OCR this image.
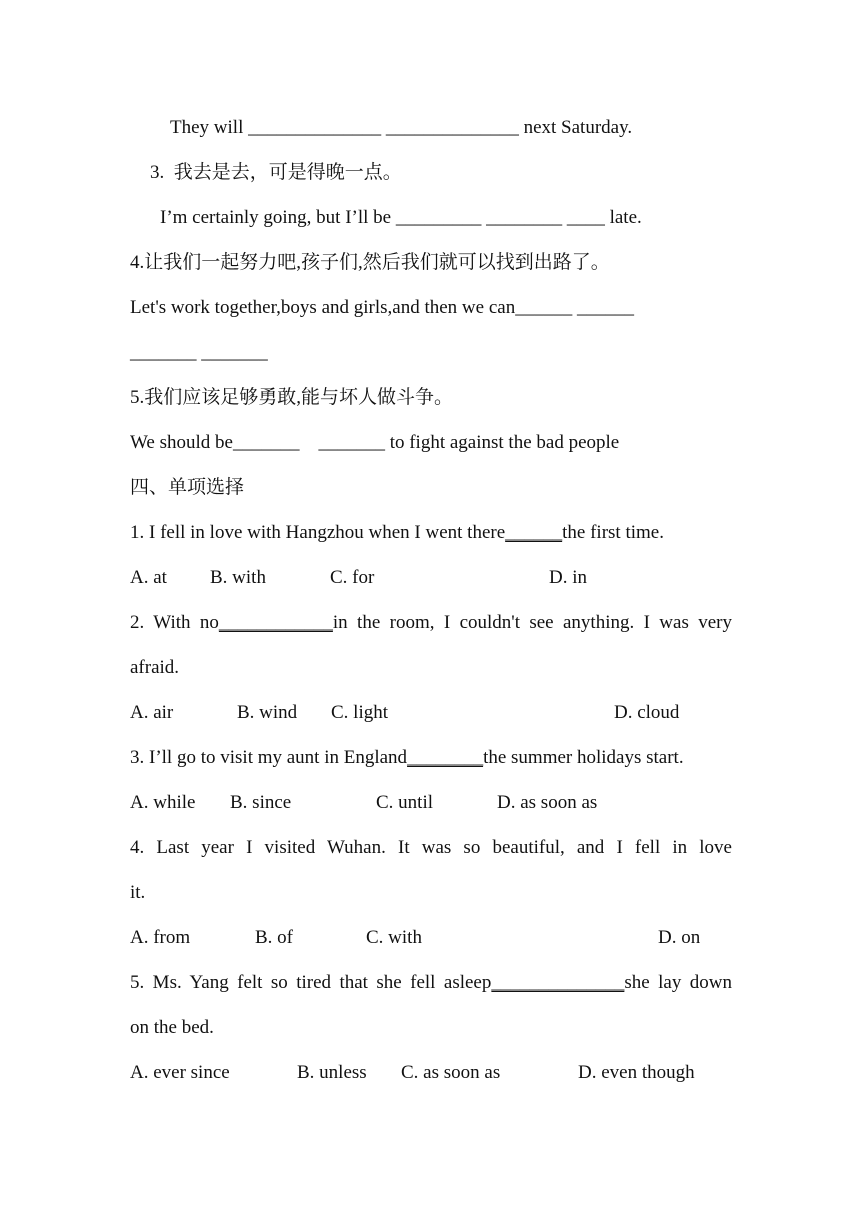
They will ______________ ______________ next Saturday.
3.  我去是去，可是得晚一点。
I’m certainly going, but I’ll be _________ ________ ____ late.
4.让我们一起努力吧,孩子们,然后我们就可以找到出路了。
Let's work together,boys and girls,and then we can______ ______
_______ _______
5.我们应该足够勇敢,能与坏人做斗争。
We should be_______    _______ to fight against the bad people
四、单项选择
1. I fell in love with Hangzhou when I went there______the first time.
A. at B. with	C. for	D. in
2. With no____________in the room, I couldn't see anything. I was very
afraid.
A. air	B. wind C. light	D. cloud
3. I’ll go to visit my aunt in England________the summer holidays start.
A. while B. since	C. until	D. as soon as
4. Last year I visited Wuhan. It was so beautiful, and I fell in love
it.
A. from	B. of	C. with	D. on
5. Ms. Yang felt so tired that she fell asleep______________she lay down
on the bed.
A. ever since	B. unless C. as soon as	D. even though
